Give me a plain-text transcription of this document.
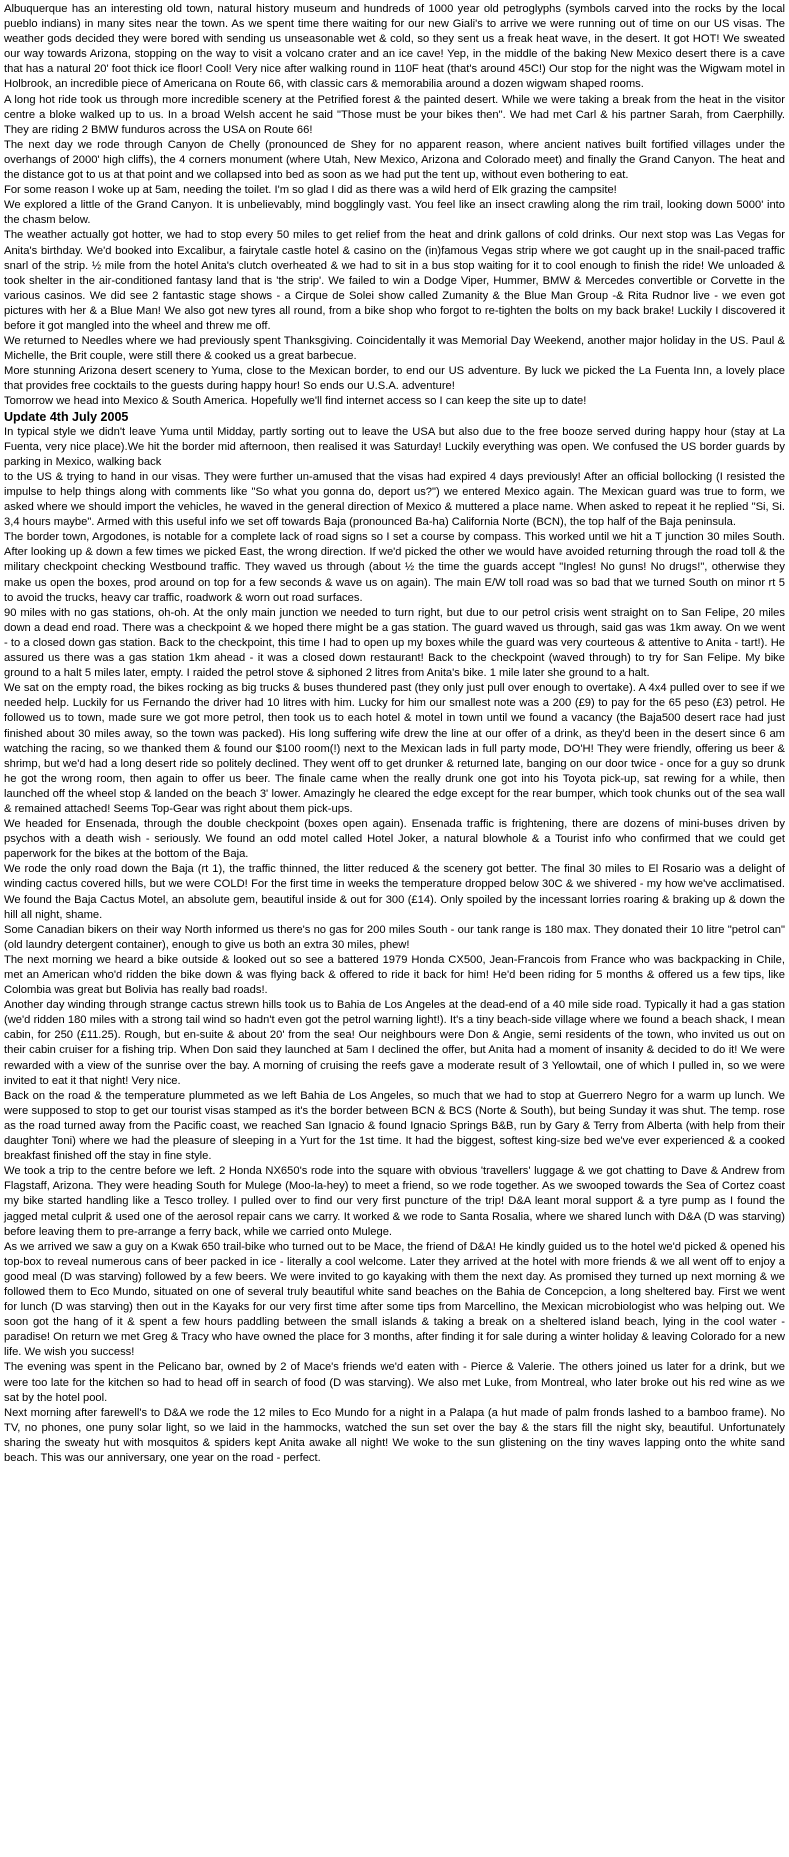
Albuquerque has an interesting old town, natural history museum and hundreds of 1000 year old petroglyphs (symbols carved into the rocks by the local pueblo indians) in many sites near the town. As we spent time there waiting for our new Giali's to arrive we were running out of time on our US visas. The weather gods decided they were bored with sending us unseasonable wet & cold, so they sent us a freak heat wave, in the desert. It got HOT! We sweated our way towards Arizona, stopping on the way to visit a volcano crater and an ice cave! Yep, in the middle of the baking New Mexico desert there is a cave that has a natural 20' foot thick ice floor! Cool! Very nice after walking round in 110F heat (that's around 45C!) Our stop for the night was the Wigwam motel in Holbrook, an incredible piece of Americana on Route 66, with classic cars & memorabilia around a dozen wigwam shaped rooms.

A long hot ride took us through more incredible scenery at the Petrified forest & the painted desert. While we were taking a break from the heat in the visitor centre a bloke walked up to us. In a broad Welsh accent he said "Those must be your bikes then". We had met Carl & his partner Sarah, from Caerphilly. They are riding 2 BMW funduros across the USA on Route 66!

The next day we rode through Canyon de Chelly (pronounced de Shey for no apparent reason, where ancient natives built fortified villages under the overhangs of 2000' high cliffs), the 4 corners monument (where Utah, New Mexico, Arizona and Colorado meet) and finally the Grand Canyon. The heat and the distance got to us at that point and we collapsed into bed as soon as we had put the tent up, without even bothering to eat.

For some reason I woke up at 5am, needing the toilet. I'm so glad I did as there was a wild herd of Elk grazing the campsite!

We explored a little of the Grand Canyon. It is unbelievably, mind bogglingly vast. You feel like an insect crawling along the rim trail, looking down 5000' into the chasm below.

The weather actually got hotter, we had to stop every 50 miles to get relief from the heat and drink gallons of cold drinks. Our next stop was Las Vegas for Anita's birthday. We'd booked into Excalibur, a fairytale castle hotel & casino on the (in)famous Vegas strip where we got caught up in the snail-paced traffic snarl of the strip. ½ mile from the hotel Anita's clutch overheated & we had to sit in a bus stop waiting for it to cool enough to finish the ride! We unloaded & took shelter in the air-conditioned fantasy land that is 'the strip'. We failed to win a Dodge Viper, Hummer, BMW & Mercedes convertible or Corvette in the various casinos. We did see 2 fantastic stage shows - a Cirque de Solei show called Zumanity & the Blue Man Group -& Rita Rudnor live - we even got pictures with her & a Blue Man! We also got new tyres all round, from a bike shop who forgot to re-tighten the bolts on my back brake! Luckily I discovered it before it got mangled into the wheel and threw me off.

We returned to Needles where we had previously spent Thanksgiving. Coincidentally it was Memorial Day Weekend, another major holiday in the US. Paul & Michelle, the Brit couple, were still there & cooked us a great barbecue.

More stunning Arizona desert scenery to Yuma, close to the Mexican border, to end our US adventure. By luck we picked the La Fuenta Inn, a lovely place that provides free cocktails to the guests during happy hour! So ends our U.S.A. adventure!

Tomorrow we head into Mexico & South America. Hopefully we'll find internet access so I can keep the site up to date!

Update 4th July 2005

In typical style we didn't leave Yuma until Midday, partly sorting out to leave the USA but also due to the free booze served during happy hour (stay at La Fuenta, very nice place).We hit the border mid afternoon, then realised it was Saturday! Luckily everything was open. We confused the US border guards by parking in Mexico, walking back

to the US & trying to hand in our visas. They were further un-amused that the visas had expired 4 days previously! After an official bollocking (I resisted the impulse to help things along with comments like "So what you gonna do, deport us?") we entered Mexico again. The Mexican guard was true to form, we asked where we should import the vehicles, he waved in the general direction of Mexico & muttered a place name. When asked to repeat it he replied "Si, Si. 3,4 hours maybe". Armed with this useful info we set off towards Baja (pronounced Ba-ha) California Norte (BCN), the top half of the Baja peninsula.

The border town, Argodones, is notable for a complete lack of road signs so I set a course by compass. This worked until we hit a T junction 30 miles South. After looking up & down a few times we picked East, the wrong direction. If we'd picked the other we would have avoided returning through the road toll & the military checkpoint checking Westbound traffic. They waved us through (about ½ the time the guards accept "Ingles! No guns! No drugs!", otherwise they make us open the boxes, prod around on top for a few seconds & wave us on again). The main E/W toll road was so bad that we turned South on minor rt 5 to avoid the trucks, heavy car traffic, roadwork & worn out road surfaces.

90 miles with no gas stations, oh-oh. At the only main junction we needed to turn right, but due to our petrol crisis went straight on to San Felipe, 20 miles down a dead end road. There was a checkpoint & we hoped there might be a gas station. The guard waved us through, said gas was 1km away. On we went - to a closed down gas station. Back to the checkpoint, this time I had to open up my boxes while the guard was very courteous & attentive to Anita - tart!). He assured us there was a gas station 1km ahead - it was a closed down restaurant! Back to the checkpoint (waved through) to try for San Felipe. My bike ground to a halt 5 miles later, empty. I raided the petrol stove & siphoned 2 litres from Anita's bike. 1 mile later she ground to a halt.

We sat on the empty road, the bikes rocking as big trucks & buses thundered past (they only just pull over enough to overtake). A 4x4 pulled over to see if we needed help. Luckily for us Fernando the driver had 10 litres with him. Lucky for him our smallest note was a 200 (£9) to pay for the 65 peso (£3) petrol. He followed us to town, made sure we got more petrol, then took us to each hotel & motel in town until we found a vacancy (the Baja500 desert race had just finished about 30 miles away, so the town was packed). His long suffering wife drew the line at our offer of a drink, as they'd been in the desert since 6 am watching the racing, so we thanked them & found our $100 room(!) next to the Mexican lads in full party mode, DO'H! They were friendly, offering us beer & shrimp, but we'd had a long desert ride so politely declined. They went off to get drunker & returned late, banging on our door twice - once for a guy so drunk he got the wrong room, then again to offer us beer. The finale came when the really drunk one got into his Toyota pick-up, sat rewing for a while, then launched off the wheel stop & landed on the beach 3' lower. Amazingly he cleared the edge except for the rear bumper, which took chunks out of the sea wall & remained attached! Seems Top-Gear was right about them pick-ups.

We headed for Ensenada, through the double checkpoint (boxes open again). Ensenada traffic is frightening, there are dozens of mini-buses driven by psychos with a death wish - seriously. We found an odd motel called Hotel Joker, a natural blowhole & a Tourist info who confirmed that we could get paperwork for the bikes at the bottom of the Baja.

We rode the only road down the Baja (rt 1), the traffic thinned, the litter reduced & the scenery got better. The final 30 miles to El Rosario was a delight of winding cactus covered hills, but we were COLD! For the first time in weeks the temperature dropped below 30C & we shivered - my how we've acclimatised. We found the Baja Cactus Motel, an absolute gem, beautiful inside & out for 300 (£14). Only spoiled by the incessant lorries roaring & braking up & down the hill all night, shame.

Some Canadian bikers on their way North informed us there's no gas for 200 miles South - our tank range is 180 max. They donated their 10 litre "petrol can" (old laundry detergent container), enough to give us both an extra 30 miles, phew!

The next morning we heard a bike outside & looked out so see a battered 1979 Honda CX500, Jean-Francois from France who was backpacking in Chile, met an American who'd ridden the bike down & was flying back & offered to ride it back for him! He'd been riding for 5 months & offered us a few tips, like Colombia was great but Bolivia has really bad roads!.

Another day winding through strange cactus strewn hills took us to Bahia de Los Angeles at the dead-end of a 40 mile side road. Typically it had a gas station (we'd ridden 180 miles with a strong tail wind so hadn't even got the petrol warning light!). It's a tiny beach-side village where we found a beach shack, I mean cabin, for 250 (£11.25). Rough, but en-suite & about 20' from the sea! Our neighbours were Don & Angie, semi residents of the town, who invited us out on their cabin cruiser for a fishing trip. When Don said they launched at 5am I declined the offer, but Anita had a moment of insanity & decided to do it! We were rewarded with a view of the sunrise over the bay. A morning of cruising the reefs gave a moderate result of 3 Yellowtail, one of which I pulled in, so we were invited to eat it that night! Very nice.

Back on the road & the temperature plummeted as we left Bahia de Los Angeles, so much that we had to stop at Guerrero Negro for a warm up lunch. We were supposed to stop to get our tourist visas stamped as it's the border between BCN & BCS (Norte & South), but being Sunday it was shut. The temp. rose as the road turned away from the Pacific coast, we reached San Ignacio & found Ignacio Springs B&B, run by Gary & Terry from Alberta (with help from their daughter Toni) where we had the pleasure of sleeping in a Yurt for the 1st time. It had the biggest, softest king-size bed we've ever experienced & a cooked breakfast finished off the stay in fine style.

We took a trip to the centre before we left. 2 Honda NX650's rode into the square with obvious 'travellers' luggage & we got chatting to Dave & Andrew from Flagstaff, Arizona. They were heading South for Mulege (Moo-la-hey) to meet a friend, so we rode together. As we swooped towards the Sea of Cortez coast my bike started handling like a Tesco trolley. I pulled over to find our very first puncture of the trip! D&A leant moral support & a tyre pump as I found the jagged metal culprit & used one of the aerosol repair cans we carry. It worked & we rode to Santa Rosalia, where we shared lunch with D&A (D was starving) before leaving them to pre-arrange a ferry back, while we carried onto Mulege.

As we arrived we saw a guy on a Kwak 650 trail-bike who turned out to be Mace, the friend of D&A! He kindly guided us to the hotel we'd picked & opened his top-box to reveal numerous cans of beer packed in ice - literally a cool welcome. Later they arrived at the hotel with more friends & we all went off to enjoy a good meal (D was starving) followed by a few beers. We were invited to go kayaking with them the next day. As promised they turned up next morning & we followed them to Eco Mundo, situated on one of several truly beautiful white sand beaches on the Bahia de Concepcion, a long sheltered bay. First we went for lunch (D was starving) then out in the Kayaks for our very first time after some tips from Marcellino, the Mexican microbiologist who was helping out. We soon got the hang of it & spent a few hours paddling between the small islands & taking a break on a sheltered island beach, lying in the cool water - paradise! On return we met Greg & Tracy who have owned the place for 3 months, after finding it for sale during a winter holiday & leaving Colorado for a new life. We wish you success!

The evening was spent in the Pelicano bar, owned by 2 of Mace's friends we'd eaten with - Pierce & Valerie. The others joined us later for a drink, but we were too late for the kitchen so had to head off in search of food (D was starving). We also met Luke, from Montreal, who later broke out his red wine as we sat by the hotel pool.

Next morning after farewell's to D&A we rode the 12 miles to Eco Mundo for a night in a Palapa (a hut made of palm fronds lashed to a bamboo frame). No TV, no phones, one puny solar light, so we laid in the hammocks, watched the sun set over the bay & the stars fill the night sky, beautiful. Unfortunately sharing the sweaty hut with mosquitos & spiders kept Anita awake all night! We woke to the sun glistening on the tiny waves lapping onto the white sand beach. This was our anniversary, one year on the road - perfect.
